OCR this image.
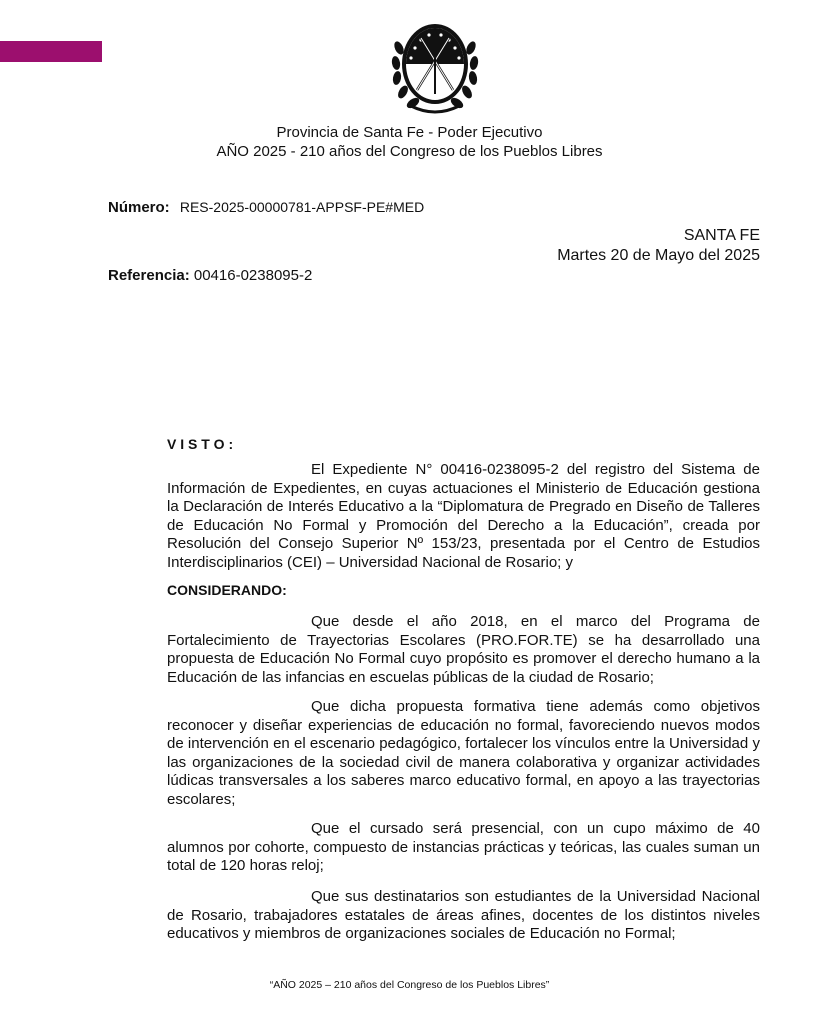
Provincia de Santa Fe - Poder Ejecutivo
AÑO 2025 - 210 años del Congreso de los Pueblos Libres
Número: RES-2025-00000781-APPSF-PE#MED
SANTA FE
Martes 20 de Mayo del 2025
Referencia: 00416-0238095-2
V I S T O :
El Expediente N° 00416-0238095-2 del registro del Sistema de Información de Expedientes, en cuyas actuaciones el Ministerio de Educación gestiona la Declaración de Interés Educativo a la “Diplomatura de Pregrado en Diseño de Talleres de Educación No Formal y Promoción del Derecho a la Educación”, creada por Resolución del Consejo Superior Nº 153/23, presentada por el Centro de Estudios Interdisciplinarios (CEI) – Universidad Nacional de Rosario; y
CONSIDERANDO:
Que desde el año 2018, en el marco del Programa de Fortalecimiento de Trayectorias Escolares (PRO.FOR.TE) se ha desarrollado una propuesta de Educación No Formal cuyo propósito es promover el derecho humano a la Educación de las infancias en escuelas públicas de la ciudad de Rosario;
Que dicha propuesta formativa tiene además como objetivos reconocer y diseñar experiencias de educación no formal, favoreciendo nuevos modos de intervención en el escenario pedagógico, fortalecer los vínculos entre la Universidad y las organizaciones de la sociedad civil de manera colaborativa y organizar actividades lúdicas transversales a los saberes marco educativo formal, en apoyo a las trayectorias escolares;
Que el cursado será presencial, con un cupo máximo de 40 alumnos por cohorte, compuesto de instancias prácticas y teóricas, las cuales suman un total de 120 horas reloj;
Que sus destinatarios son estudiantes de la Universidad Nacional de Rosario, trabajadores estatales de áreas afines, docentes de los distintos niveles educativos y miembros de organizaciones sociales de Educación no Formal;
“AÑO 2025 – 210 años del Congreso de los Pueblos Libres”
